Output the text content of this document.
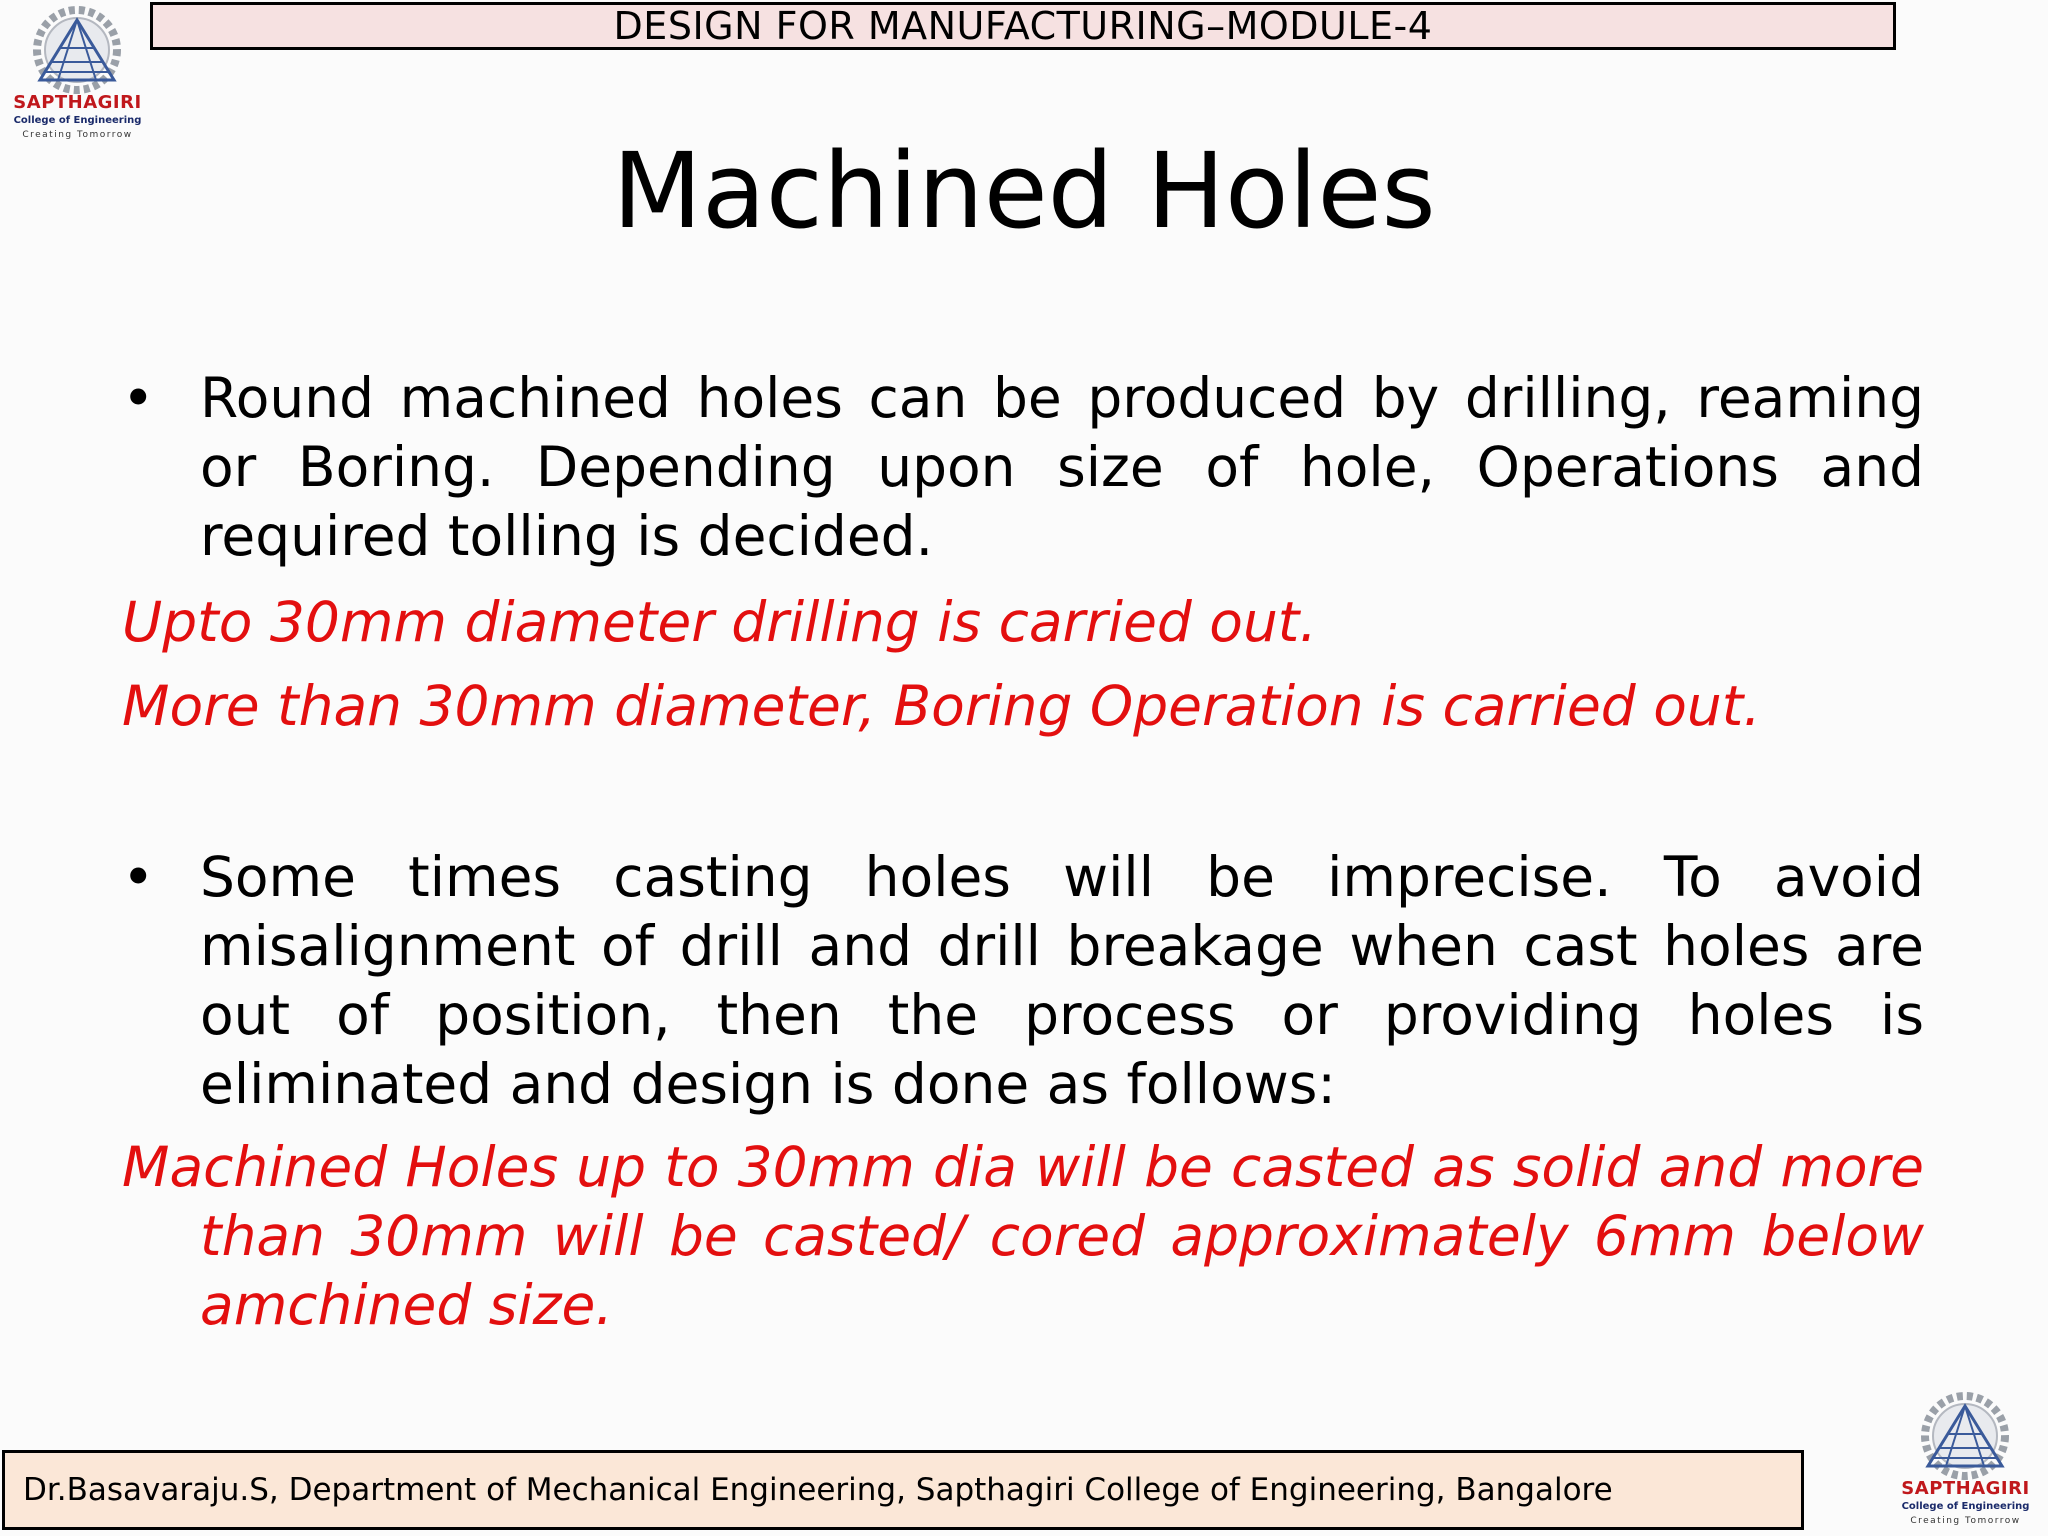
SAPTHAGIRI
College of Engineering
Creating Tomorrow
DESIGN FOR MANUFACTURING–MODULE-4
Machined Holes
• Round machined holes can be produced by drilling, reaming or Boring. Depending upon size of hole, Operations and required tolling is decided.
Upto 30mm diameter drilling is carried out.
More than 30mm diameter, Boring Operation is carried out.
• Some times casting holes will be imprecise. To avoid misalignment of drill and drill breakage when cast holes are out of position, then the process or providing holes is eliminated and design is done as follows:
Machined Holes up to 30mm dia will be casted as solid and more than 30mm will be casted/ cored approximately 6mm below amchined size.
Dr.Basavaraju.S, Department of Mechanical Engineering, Sapthagiri College of Engineering, Bangalore	SAPTHAGIRI
College of Engineering
Creating Tomorrow
